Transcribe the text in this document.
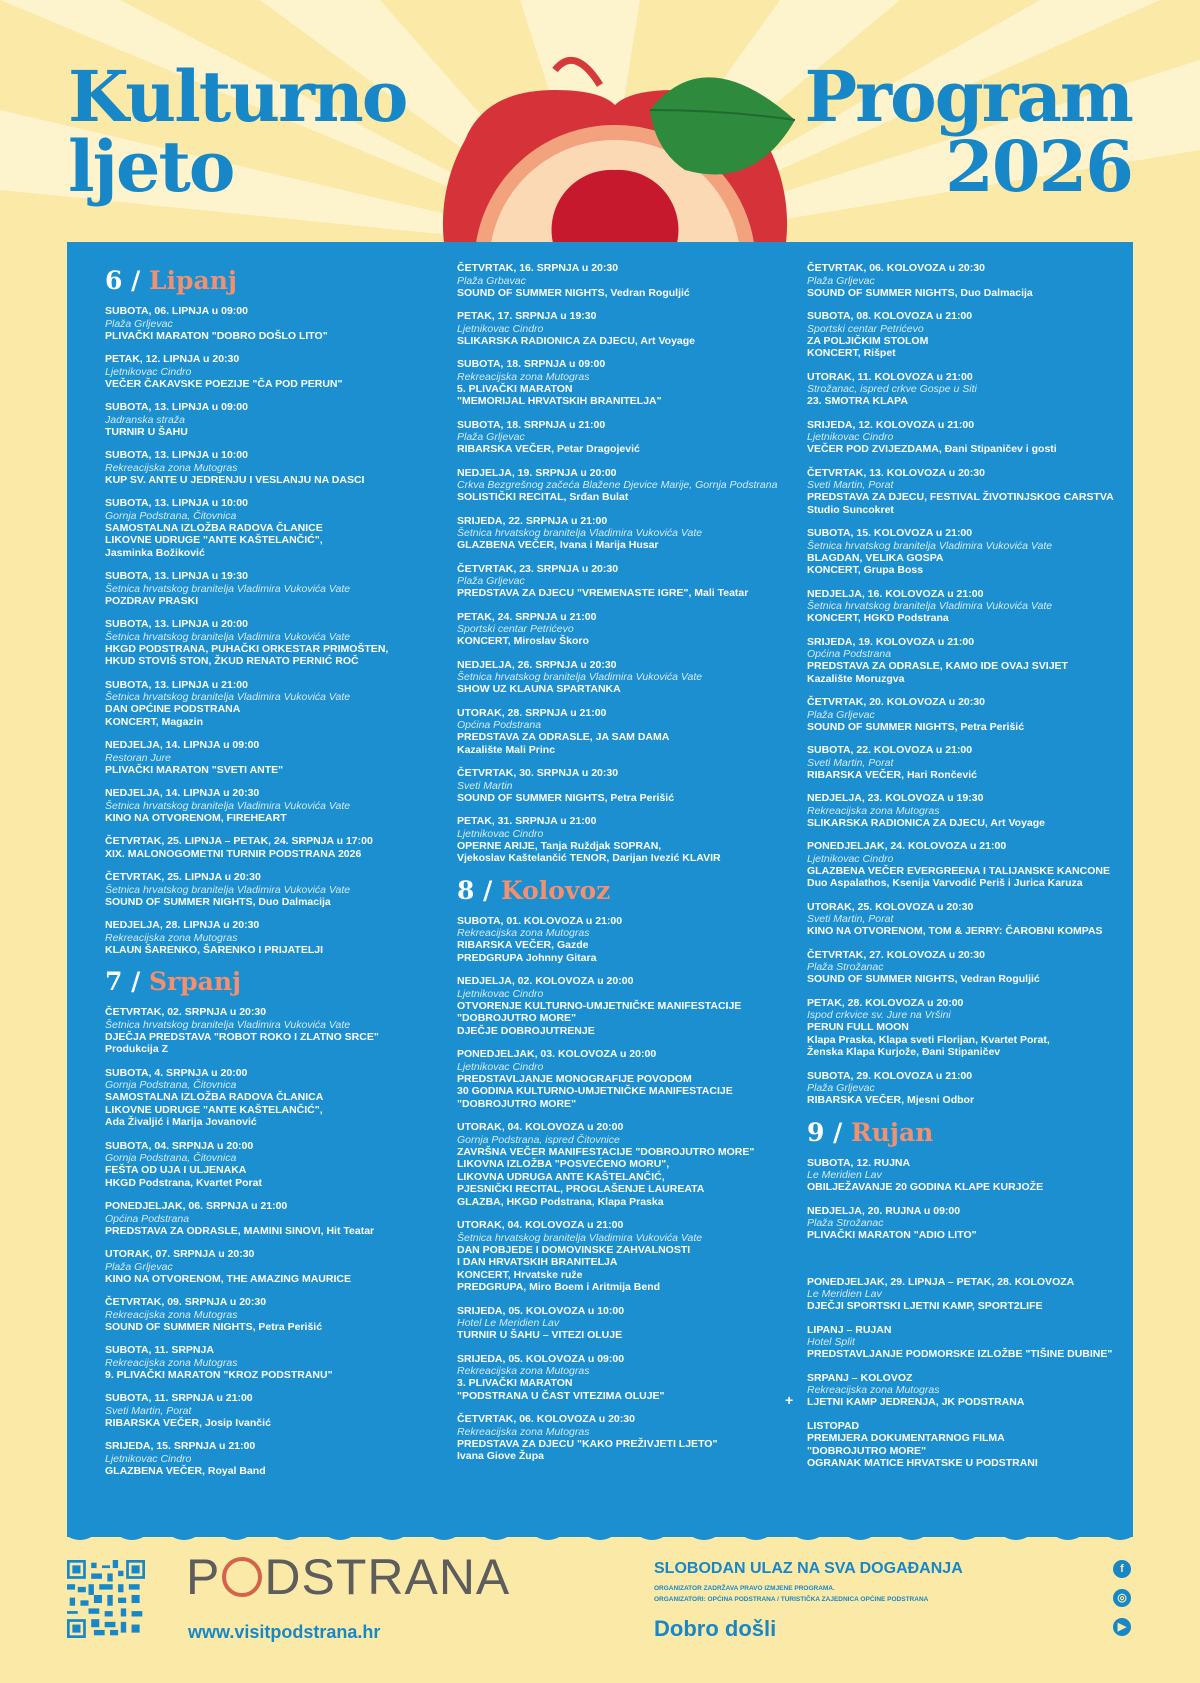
Kulturno
ljeto
Program
2026
6 / Lipanj
SUBOTA, 06. LIPNJA u 09:00
Plaža Grljevac
PLIVAČKI MARATON "DOBRO DOŠLO LITO"
PETAK, 12. LIPNJA u 20:30
Ljetnikovac Cindro
VEČER ČAKAVSKE POEZIJE "ČA POD PERUN"
SUBOTA, 13. LIPNJA u 09:00
Jadranska straža
TURNIR U ŠAHU
SUBOTA, 13. LIPNJA u 10:00
Rekreacijska zona Mutogras
KUP SV. ANTE U JEDRENJU I VESLANJU NA DASCI
SUBOTA, 13. LIPNJA u 10:00
Gornja Podstrana, Čitovnica
SAMOSTALNA IZLOŽBA RADOVA ČLANICE
LIKOVNE UDRUGE "ANTE KAŠTELANČIĆ",
Jasminka Božiković
SUBOTA, 13. LIPNJA u 19:30
Šetnica hrvatskog branitelja Vladimira Vukovića Vate
POZDRAV PRASKI
SUBOTA, 13. LIPNJA u 20:00
Šetnica hrvatskog branitelja Vladimira Vukovića Vate
HKGD PODSTRANA, PUHAČKI ORKESTAR PRIMOŠTEN,
HKUD STOVIŠ STON, ŽKUD RENATO PERNIĆ ROČ
SUBOTA, 13. LIPNJA u 21:00
Šetnica hrvatskog branitelja Vladimira Vukovića Vate
DAN OPĆINE PODSTRANA
KONCERT, Magazin
NEDJELJA, 14. LIPNJA u 09:00
Restoran Jure
PLIVAČKI MARATON "SVETI ANTE"
NEDJELJA, 14. LIPNJA u 20:30
Šetnica hrvatskog branitelja Vladimira Vukovića Vate
KINO NA OTVORENOM, FIREHEART
ČETVRTAK, 25. LIPNJA – PETAK, 24. SRPNJA u 17:00
XIX. MALONOGOMETNI TURNIR PODSTRANA 2026
ČETVRTAK, 25. LIPNJA u 20:30
Šetnica hrvatskog branitelja Vladimira Vukovića Vate
SOUND OF SUMMER NIGHTS, Duo Dalmacija
NEDJELJA, 28. LIPNJA u 20:30
Rekreacijska zona Mutogras
KLAUN ŠARENKO, ŠARENKO I PRIJATELJI
7 / Srpanj
ČETVRTAK, 02. SRPNJA u 20:30
Šetnica hrvatskog branitelja Vladimira Vukovića Vate
DJEČJA PREDSTAVA "ROBOT ROKO I ZLATNO SRCE"
Produkcija Z
SUBOTA, 4. SRPNJA u 20:00
Gornja Podstrana, Čitovnica
SAMOSTALNA IZLOŽBA RADOVA ČLANICA
LIKOVNE UDRUGE "ANTE KAŠTELANČIĆ",
Ada Živaljić i Marija Jovanović
SUBOTA, 04. SRPNJA u 20:00
Gornja Podstrana, Čitovnica
FEŠTA OD UJA I ULJENAKA
HKGD Podstrana, Kvartet Porat
PONEDJELJAK, 06. SRPNJA u 21:00
Općina Podstrana
PREDSTAVA ZA ODRASLE, MAMINI SINOVI, Hit Teatar
UTORAK, 07. SRPNJA u 20:30
Plaža Grljevac
KINO NA OTVORENOM, THE AMAZING MAURICE
ČETVRTAK, 09. SRPNJA u 20:30
Rekreacijska zona Mutogras
SOUND OF SUMMER NIGHTS, Petra Perišić
SUBOTA, 11. SRPNJA
Rekreacijska zona Mutogras
9. PLIVAČKI MARATON "KROZ PODSTRANU"
SUBOTA, 11. SRPNJA u 21:00
Sveti Martin, Porat
RIBARSKA VEČER, Josip Ivančić
SRIJEDA, 15. SRPNJA u 21:00
Ljetnikovac Cindro
GLAZBENA VEČER, Royal Band
ČETVRTAK, 16. SRPNJA u 20:30
Plaža Grbavac
SOUND OF SUMMER NIGHTS, Vedran Roguljić
PETAK, 17. SRPNJA u 19:30
Ljetnikovac Cindro
SLIKARSKA RADIONICA ZA DJECU, Art Voyage
SUBOTA, 18. SRPNJA u 09:00
Rekreacijska zona Mutogras
5. PLIVAČKI MARATON
"MEMORIJAL HRVATSKIH BRANITELJA"
SUBOTA, 18. SRPNJA u 21:00
Plaža Grljevac
RIBARSKA VEČER, Petar Dragojević
NEDJELJA, 19. SRPNJA u 20:00
Crkva Bezgrešnog začeća Blažene Djevice Marije, Gornja Podstrana
SOLISTIČKI RECITAL, Srđan Bulat
SRIJEDA, 22. SRPNJA u 21:00
Šetnica hrvatskog branitelja Vladimira Vukovića Vate
GLAZBENA VEČER, Ivana i Marija Husar
ČETVRTAK, 23. SRPNJA u 20:30
Plaža Grljevac
PREDSTAVA ZA DJECU "VREMENASTE IGRE", Mali Teatar
PETAK, 24. SRPNJA u 21:00
Sportski centar Petrićevo
KONCERT, Miroslav Škoro
NEDJELJA, 26. SRPNJA u 20:30
Šetnica hrvatskog branitelja Vladimira Vukovića Vate
SHOW UZ KLAUNA SPARTANKA
UTORAK, 28. SRPNJA u 21:00
Općina Podstrana
PREDSTAVA ZA ODRASLE, JA SAM DAMA
Kazalište Mali Princ
ČETVRTAK, 30. SRPNJA u 20:30
Sveti Martin
SOUND OF SUMMER NIGHTS, Petra Perišić
PETAK, 31. SRPNJA u 21:00
Ljetnikovac Cindro
OPERNE ARIJE, Tanja Ruždjak SOPRAN,
Vjekoslav Kaštelančić TENOR, Darijan Ivezić KLAVIR
8 / Kolovoz
SUBOTA, 01. KOLOVOZA u 21:00
Rekreacijska zona Mutogras
RIBARSKA VEČER, Gazde
PREDGRUPA Johnny Gitara
NEDJELJA, 02. KOLOVOZA u 20:00
Ljetnikovac Cindro
OTVORENJE KULTURNO-UMJETNIČKE MANIFESTACIJE
"DOBROJUTRO MORE"
DJEČJE DOBROJUTRENJE
PONEDJELJAK, 03. KOLOVOZA u 20:00
Ljetnikovac Cindro
PREDSTAVLJANJE MONOGRAFIJE POVODOM
30 GODINA KULTURNO-UMJETNIČKE MANIFESTACIJE
"DOBROJUTRO MORE"
UTORAK, 04. KOLOVOZA u 20:00
Gornja Podstrana, ispred Čitovnice
ZAVRŠNA VEČER MANIFESTACIJE "DOBROJUTRO MORE"
LIKOVNA IZLOŽBA "POSVEĆENO MORU",
LIKOVNA UDRUGA ANTE KAŠTELANČIĆ,
PJESNIČKI RECITAL, PROGLAŠENJE LAUREATA
GLAZBA, HKGD Podstrana, Klapa Praska
UTORAK, 04. KOLOVOZA u 21:00
Šetnica hrvatskog branitelja Vladimira Vukovića Vate
DAN POBJEDE I DOMOVINSKE ZAHVALNOSTI
I DAN HRVATSKIH BRANITELJA
KONCERT, Hrvatske ruže
PREDGRUPA, Miro Boem i Aritmija Bend
SRIJEDA, 05. KOLOVOZA u 10:00
Hotel Le Meridien Lav
TURNIR U ŠAHU – VITEZI OLUJE
SRIJEDA, 05. KOLOVOZA u 09:00
Rekreacijska zona Mutogras
3. PLIVAČKI MARATON
"PODSTRANA U ČAST VITEZIMA OLUJE"
ČETVRTAK, 06. KOLOVOZA u 20:30
Rekreacijska zona Mutogras
PREDSTAVA ZA DJECU "KAKO PREŽIVJETI LJETO"
Ivana Giove Župa
ČETVRTAK, 06. KOLOVOZA u 20:30
Plaža Grljevac
SOUND OF SUMMER NIGHTS, Duo Dalmacija
SUBOTA, 08. KOLOVOZA u 21:00
Sportski centar Petrićevo
ZA POLJIČKIM STOLOM
KONCERT, Rišpet
UTORAK, 11. KOLOVOZA u 21:00
Strožanac, ispred crkve Gospe u Siti
23. SMOTRA KLAPA
SRIJEDA, 12. KOLOVOZA u 21:00
Ljetnikovac Cindro
VEČER POD ZVIJEZDAMA, Đani Stipaničev i gosti
ČETVRTAK, 13. KOLOVOZA u 20:30
Sveti Martin, Porat
PREDSTAVA ZA DJECU, FESTIVAL ŽIVOTINJSKOG CARSTVA
Studio Suncokret
SUBOTA, 15. KOLOVOZA u 21:00
Šetnica hrvatskog branitelja Vladimira Vukovića Vate
BLAGDAN, VELIKA GOSPA
KONCERT, Grupa Boss
NEDJELJA, 16. KOLOVOZA u 21:00
Šetnica hrvatskog branitelja Vladimira Vukovića Vate
KONCERT, HGKD Podstrana
SRIJEDA, 19. KOLOVOZA u 21:00
Općina Podstrana
PREDSTAVA ZA ODRASLE, KAMO IDE OVAJ SVIJET
Kazalište Moruzgva
ČETVRTAK, 20. KOLOVOZA u 20:30
Plaža Grljevac
SOUND OF SUMMER NIGHTS, Petra Perišić
SUBOTA, 22. KOLOVOZA u 21:00
Sveti Martin, Porat
RIBARSKA VEČER, Hari Rončević
NEDJELJA, 23. KOLOVOZA u 19:30
Rekreacijska zona Mutogras
SLIKARSKA RADIONICA ZA DJECU, Art Voyage
PONEDJELJAK, 24. KOLOVOZA u 21:00
Ljetnikovac Cindro
GLAZBENA VEČER EVERGREENA I TALIJANSKE KANCONE
Duo Aspalathos, Ksenija Varvodić Periš i Jurica Karuza
UTORAK, 25. KOLOVOZA u 20:30
Sveti Martin, Porat
KINO NA OTVORENOM, TOM & JERRY: ČAROBNI KOMPAS
ČETVRTAK, 27. KOLOVOZA u 20:30
Plaža Strožanac
SOUND OF SUMMER NIGHTS, Vedran Roguljić
PETAK, 28. KOLOVOZA u 20:00
Ispod crkvice sv. Jure na Vršini
PERUN FULL MOON
Klapa Praska, Klapa sveti Florijan, Kvartet Porat,
Ženska Klapa Kurjože, Đani Stipaničev
SUBOTA, 29. KOLOVOZA u 21:00
Plaža Grljevac
RIBARSKA VEČER, Mjesni Odbor
9 / Rujan
SUBOTA, 12. RUJNA
Le Meridien Lav
OBILJEŽAVANJE 20 GODINA KLAPE KURJOŽE
NEDJELJA, 20. RUJNA u 09:00
Plaža Strožanac
PLIVAČKI MARATON "ADIO LITO"
PONEDJELJAK, 29. LIPNJA – PETAK, 28. KOLOVOZA
Le Meridien Lav
DJEČJI SPORTSKI LJETNI KAMP, SPORT2LIFE
LIPANJ – RUJAN
Hotel Split
PREDSTAVLJANJE PODMORSKE IZLOŽBE "TIŠINE DUBINE"
SRPANJ – KOLOVOZ
Rekreacijska zona Mutogras
LJETNI KAMP JEDRENJA, JK PODSTRANA
LISTOPAD
PREMIJERA DOKUMENTARNOG FILMA
"DOBROJUTRO MORE"
OGRANAK MATICE HRVATSKE U PODSTRANI
+
P DSTRANA
www.visitpodstrana.hr
SLOBODAN ULAZ NA SVA DOGAĐANJA
ORGANIZATOR ZADRŽAVA PRAVO IZMJENE PROGRAMA.
ORGANIZATORI: OPĆINA PODSTRANA / TURISTIČKA ZAJEDNICA OPĆINE PODSTRANA
Dobro došli
f
◎
▶
